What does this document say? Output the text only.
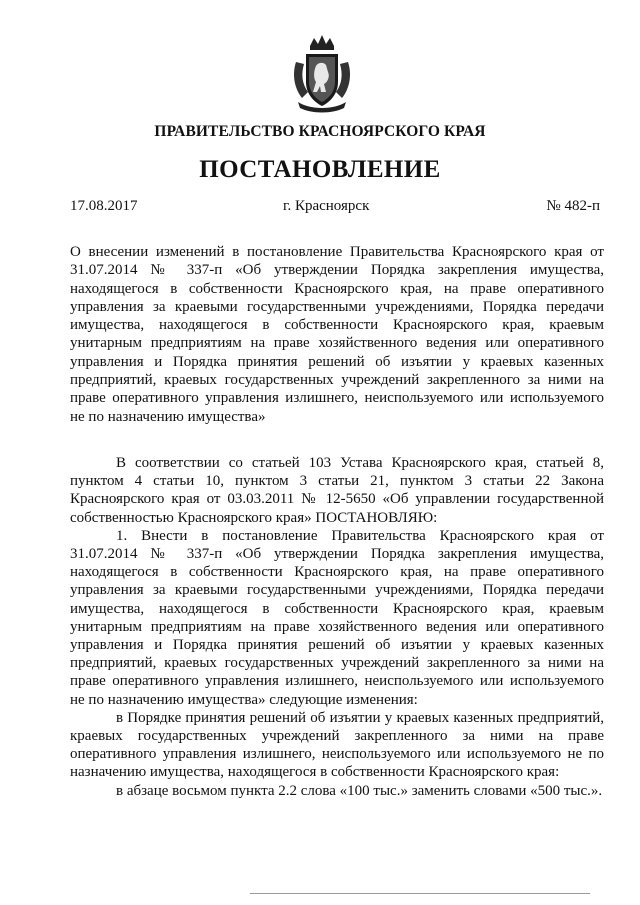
ПРАВИТЕЛЬСТВО КРАСНОЯРСКОГО КРАЯ
ПОСТАНОВЛЕНИЕ
17.08.2017	г. Красноярск	№ 482-п
О внесении изменений в постановление Правительства Красноярского края от 31.07.2014 № 337-п «Об утверждении Порядка закрепления имущества, находящегося в собственности Красноярского края, на праве оперативного управления за краевыми государственными учреждениями, Порядка передачи имущества, находящегося в собственности Красноярского края, краевым унитарным предприятиям на праве хозяйственного ведения или оперативного управления и Порядка принятия решений об изъятии у краевых казенных предприятий, краевых государственных учреждений закрепленного за ними на праве оперативного управления излишнего, неиспользуемого или используемого не по назначению имущества»

В соответствии со статьей 103 Устава Красноярского края, статьей 8, пунктом 4 статьи 10, пунктом 3 статьи 21, пунктом 3 статьи 22 Закона Красноярского края от 03.03.2011 № 12-5650 «Об управлении государственной собственностью Красноярского края» ПОСТАНОВЛЯЮ:

1. Внести в постановление Правительства Красноярского края от 31.07.2014 № 337-п «Об утверждении Порядка закрепления имущества, находящегося в собственности Красноярского края, на праве оперативного управления за краевыми государственными учреждениями, Порядка передачи имущества, находящегося в собственности Красноярского края, краевым унитарным предприятиям на праве хозяйственного ведения или оперативного управления и Порядка принятия решений об изъятии у краевых казенных предприятий, краевых государственных учреждений закрепленного за ними на праве оперативного управления излишнего, неиспользуемого или используемого не по назначению имущества» следующие изменения:

в Порядке принятия решений об изъятии у краевых казенных предприятий, краевых государственных учреждений закрепленного за ними на праве оперативного управления излишнего, неиспользуемого или используемого не по назначению имущества, находящегося в собственности Красноярского края:

в абзаце восьмом пункта 2.2 слова «100 тыс.» заменить словами «500 тыс.».
